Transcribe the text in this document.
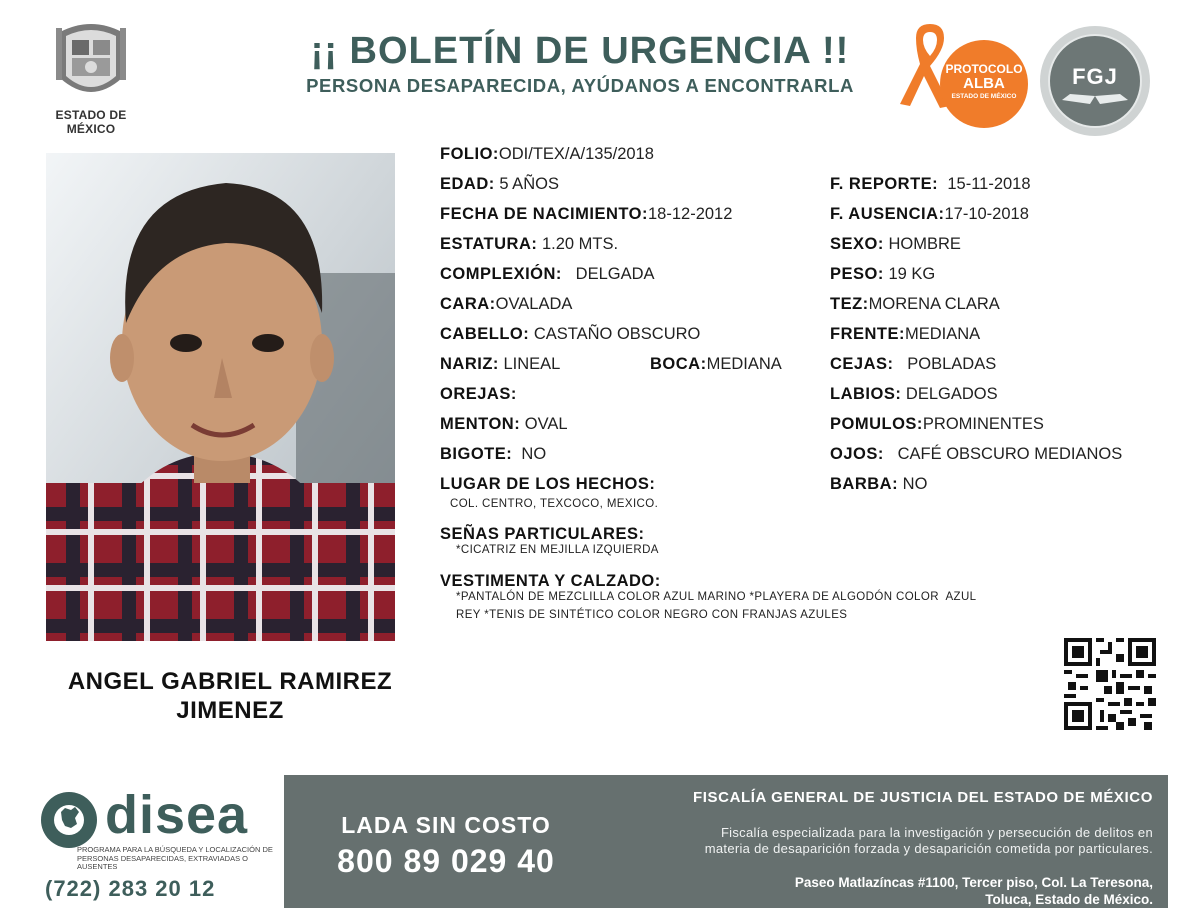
ESTADO DE MÉXICO
¡¡ BOLETÍN DE URGENCIA !!
PERSONA DESAPARECIDA, AYÚDANOS A ENCONTRARLA
PROTOCOLO
ALBA
ESTADO DE MÉXICO
FGJ
ANGEL GABRIEL RAMIREZ
JIMENEZ
FOLIO:ODI/TEX/A/135/2018
EDAD: 5 AÑOS
FECHA DE NACIMIENTO:18-12-2012
ESTATURA: 1.20 MTS.
COMPLEXIÓN:   DELGADA
CARA:OVALADA
CABELLO: CASTAÑO OBSCURO
NARIZ: LINEAL	BOCA:MEDIANA
OREJAS:
MENTON: OVAL
BIGOTE:  NO
F. REPORTE:  15-11-2018
F. AUSENCIA:17-10-2018
SEXO: HOMBRE
PESO: 19 KG
TEZ:MORENA CLARA
FRENTE:MEDIANA
CEJAS:   POBLADAS
LABIOS: DELGADOS
POMULOS:PROMINENTES
OJOS:   CAFÉ OBSCURO MEDIANOS
BARBA: NO
LUGAR DE LOS HECHOS:
COL. CENTRO, TEXCOCO, MEXICO.
SEÑAS PARTICULARES:
*CICATRIZ EN MEJILLA IZQUIERDA
VESTIMENTA Y CALZADO:
*PANTALÓN DE MEZCLILLA COLOR AZUL MARINO *PLAYERA DE ALGODÓN COLOR  AZUL
REY *TENIS DE SINTÉTICO COLOR NEGRO CON FRANJAS AZULES
disea
PROGRAMA PARA LA BÚSQUEDA Y LOCALIZACIÓN DE PERSONAS DESAPARECIDAS, EXTRAVIADAS O AUSENTES
(722) 283 20 12
LADA SIN COSTO
800 89 029 40
FISCALÍA GENERAL DE JUSTICIA DEL ESTADO DE MÉXICO
Fiscalía especializada para la investigación y persecución de delitos en
materia de desaparición forzada y desaparición cometida por particulares.
Paseo Matlazíncas #1100, Tercer piso, Col. La Teresona,
Toluca, Estado de México.
